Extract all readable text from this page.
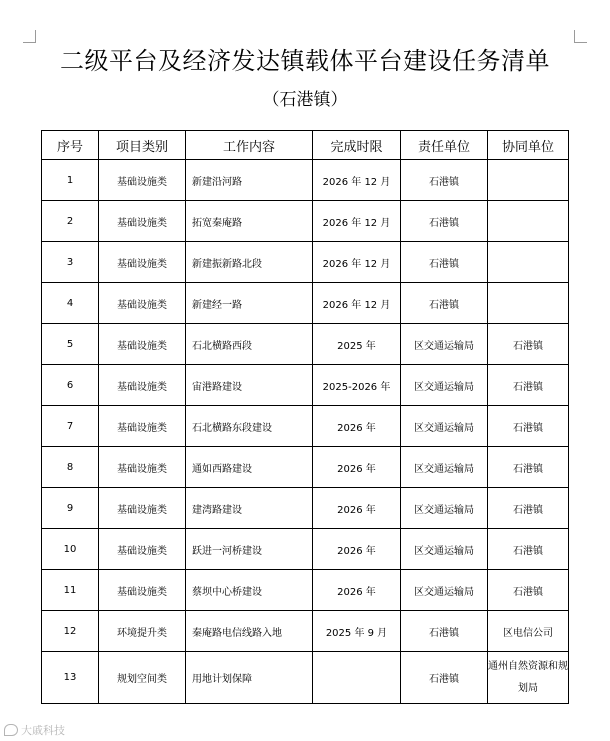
二级平台及经济发达镇载体平台建设任务清单
（石港镇）
序号	项目类别	工作内容	完成时限	责任单位	协同单位
1	基础设施类	新建沿河路	2026 年 12 月	石港镇	
2	基础设施类	拓宽秦庵路	2026 年 12 月	石港镇	
3	基础设施类	新建振新路北段	2026 年 12 月	石港镇	
4	基础设施类	新建经一路	2026 年 12 月	石港镇	
5	基础设施类	石北横路西段	2025 年	区交通运输局	石港镇
6	基础设施类	宙港路建设	2025-2026 年	区交通运输局	石港镇
7	基础设施类	石北横路东段建设	2026 年	区交通运输局	石港镇
8	基础设施类	通如西路建设	2026 年	区交通运输局	石港镇
9	基础设施类	建湾路建设	2026 年	区交通运输局	石港镇
10	基础设施类	跃进一河桥建设	2026 年	区交通运输局	石港镇
11	基础设施类	蔡坝中心桥建设	2026 年	区交通运输局	石港镇
12	环境提升类	秦庵路电信线路入地	2025 年 9 月	石港镇	区电信公司
13	规划空间类	用地计划保障		石港镇	通州自然资源和规划局
大戚科技
